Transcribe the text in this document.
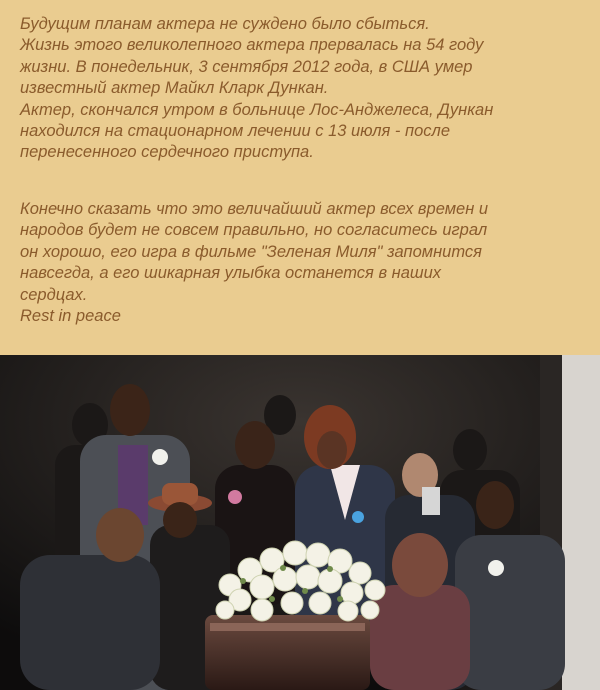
Будущим планам актера не суждено было сбыться.
Жизнь этого великолепного актера прервалась на 54 году
жизни. В понедельник, 3 сентября 2012 года, в США умер
известный актер Майкл Кларк Дункан.
Актер, скончался утром в больнице Лос-Анджелеса, Дункан
находился на стационарном лечении с 13 июля - после
перенесенного сердечного приступа.

Конечно сказать что это величайший актер всех времен и
народов будет не совсем правильно, но согласитесь играл
он хорошо, его игра в фильме "Зеленая Миля" запомнится
навсегда, а его шикарная улыбка останется в наших
сердцах.
Rest in peace
